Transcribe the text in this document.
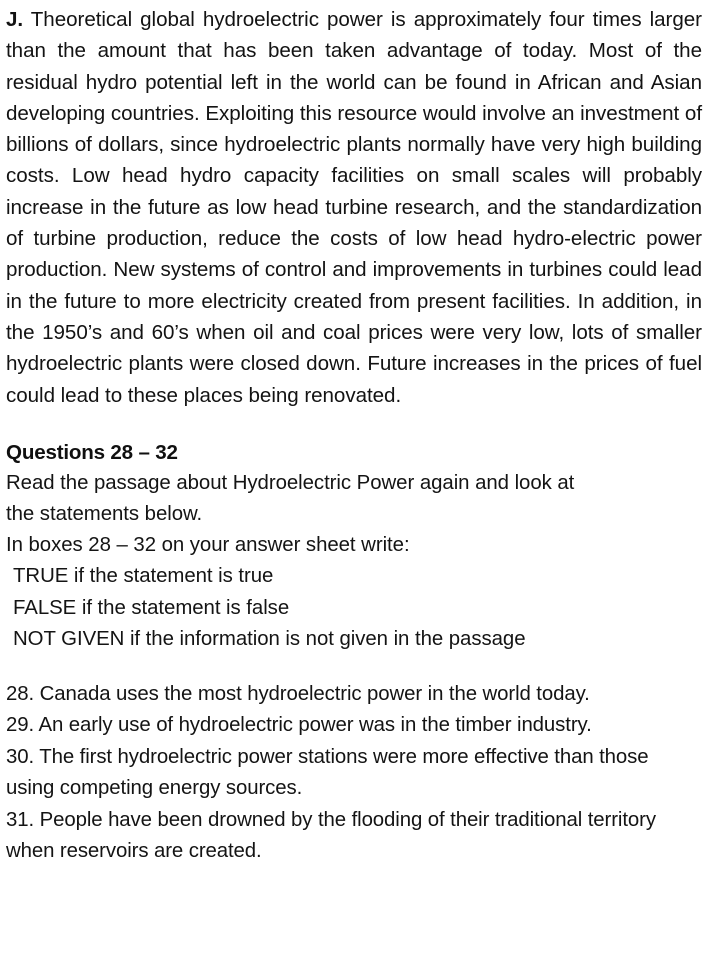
J. Theoretical global hydroelectric power is approximately four times larger than the amount that has been taken advantage of today. Most of the residual hydro potential left in the world can be found in African and Asian developing countries. Exploiting this resource would involve an investment of billions of dollars, since hydroelectric plants normally have very high building costs. Low head hydro capacity facilities on small scales will probably increase in the future as low head turbine research, and the standardization of turbine production, reduce the costs of low head hydro-electric power production. New systems of control and improvements in turbines could lead in the future to more electricity created from present facilities. In addition, in the 1950’s and 60’s when oil and coal prices were very low, lots of smaller hydroelectric plants were closed down. Future increases in the prices of fuel could lead to these places being renovated.

Questions 28 – 32

Read the passage about Hydroelectric Power again and look at
the statements below.
In boxes 28 – 32 on your answer sheet write:
TRUE if the statement is true
FALSE if the statement is false
NOT GIVEN if the information is not given in the passage

28. Canada uses the most hydroelectric power in the world today.

29. An early use of hydroelectric power was in the timber industry.

30. The first hydroelectric power stations were more effective than those using competing energy sources.

31. People have been drowned by the flooding of their traditional territory when reservoirs are created.
